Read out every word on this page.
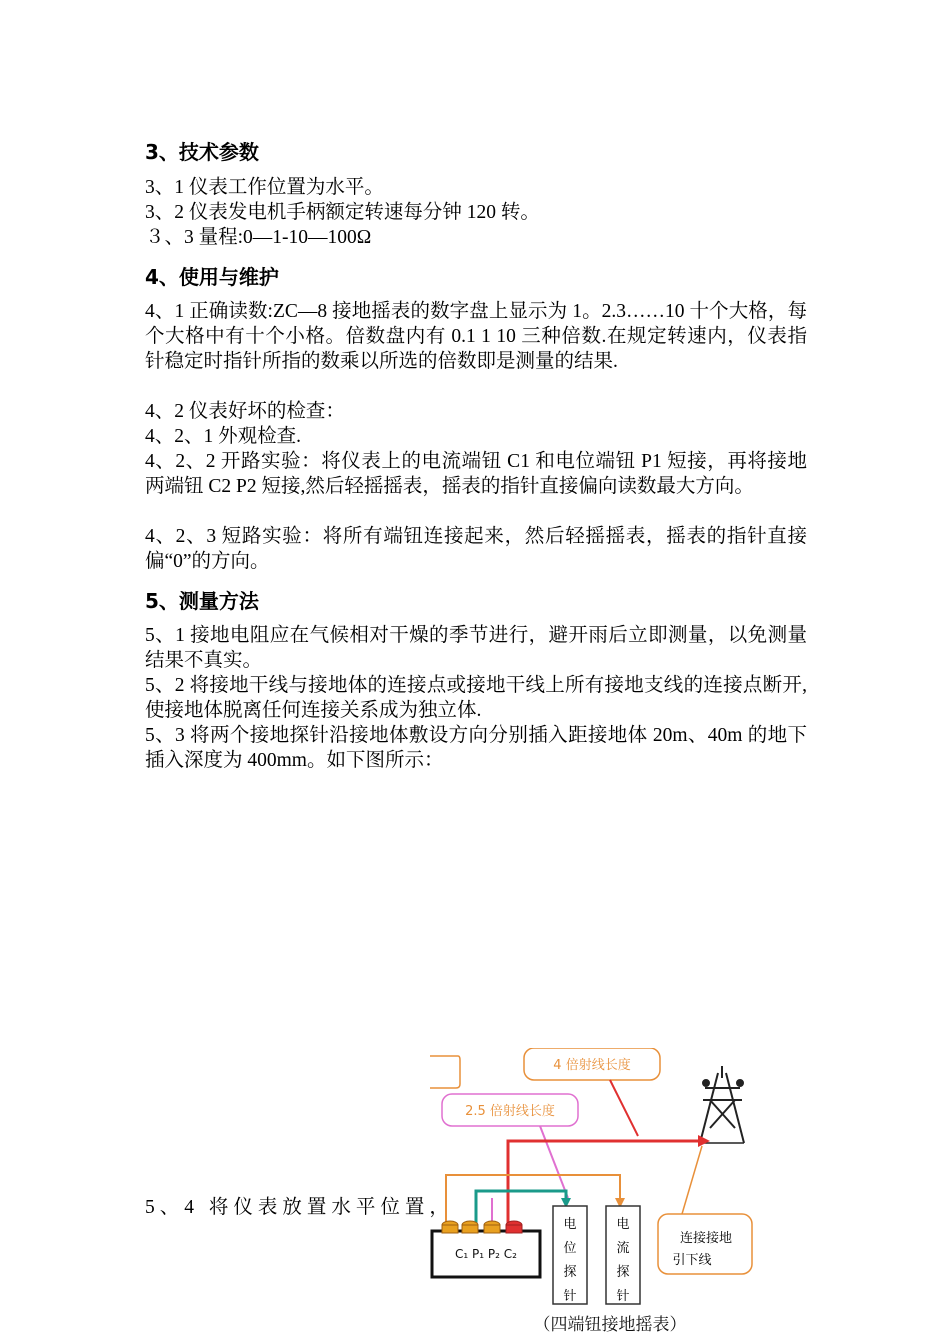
3、技术参数

3、1 仪表工作位置为水平。

3、2 仪表发电机手柄额定转速每分钟 120 转。

３、3 量程:0—1-10—100Ω

4、使用与维护

4、1 正确读数:ZC—8 接地摇表的数字盘上显示为 1。2.3……10 十个大格，每个大格中有十个小格。倍数盘内有 0.1 1 10 三种倍数.在规定转速内，仪表指针稳定时指针所指的数乘以所选的倍数即是测量的结果.

4、2 仪表好坏的检查：

4、2、1 外观检查.

4、2、2 开路实验：将仪表上的电流端钮 C1 和电位端钮 P1 短接，再将接地两端钮 C2 P2 短接,然后轻摇摇表，摇表的指针直接偏向读数最大方向。

4、2、3 短路实验：将所有端钮连接起来，然后轻摇摇表，摇表的指针直接偏“0”的方向。

5、测量方法

5、1 接地电阻应在气候相对干燥的季节进行，避开雨后立即测量，以免测量结果不真实。

5、2 将接地干线与接地体的连接点或接地干线上所有接地支线的连接点断开,使接地体脱离任何连接关系成为独立体.

5、3 将两个接地探针沿接地体敷设方向分别插入距接地体 20m、40m 的地下插入深度为 400mm。如下图所示：

5、4 将仪表放置水平位置，

4 倍射线长度
2.5 倍射线长度
C₁ P₁ P₂ C₂
电
位
探
针
电
流
探
针
连接接地
引下线
（四端钮接地摇表）
